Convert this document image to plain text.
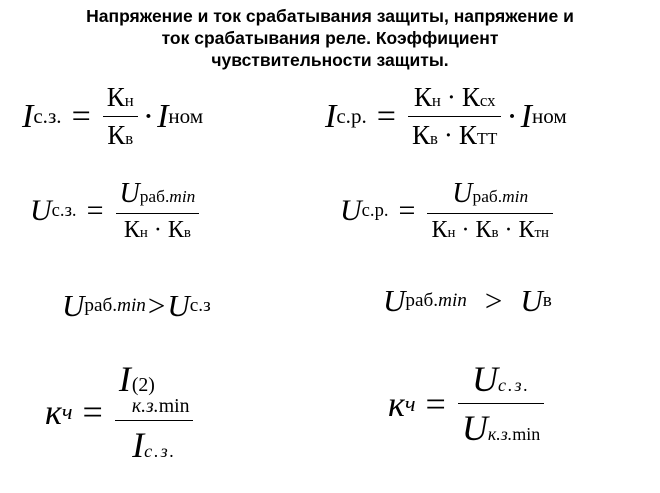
Напряжение и ток срабатывания защиты, напряжение и
ток срабатывания реле. Коэффициент
чувствительности защиты.
I с.з. = $\frac{\text{К н}}{\text{К в}} \cdot I$ ном	I с.р. = $\frac{\text{К н · К сх}}{\text{К в · К ТТ}} \cdot I$ ном
U с.з. = $\frac{\text{U раб.min}}{\text{К н · К в}}$	U с.р. = $\frac{\text{U раб.min}}{\text{К н · К в · К тн}}$
U раб.min > U с.з	U раб.min > U в
к ч = I (2)
к.з.min
I с.з.	к $ч = \frac{\text{U с.з.}}{\text{U к.з.min}}$
